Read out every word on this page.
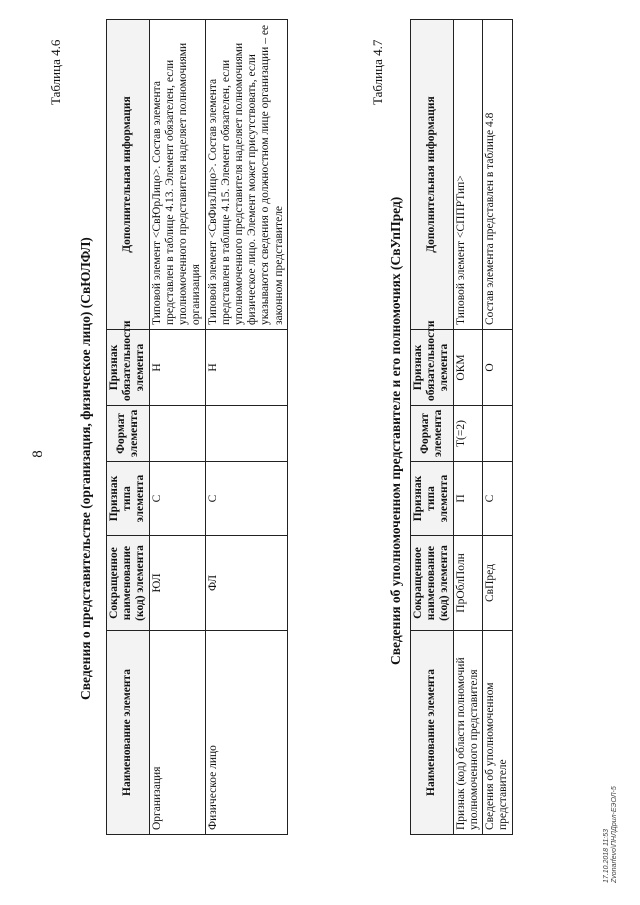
8
Таблица 4.6
Сведения о представительстве (организация, физическое лицо) (СвЮЛФЛ)
Наименование элемента	Сокращенное наименование (код) элемента	Признак типа элемента	Формат элемента	Признак обязательности элемента	Дополнительная информация
Организация	ЮЛ	С		Н	Типовой элемент <СвЮрЛицо>. Состав элемента представлен в таблице 4.13. Элемент обязателен, если уполномоченного представителя наделяет полномочиями организация
Физическое лицо	ФЛ	С		Н	Типовой элемент <СвФизЛицо>. Состав элемента представлен в таблице 4.15. Элемент обязателен, если уполномоченного представителя наделяет полномочиями физическое лицо. Элемент может присутствовать, если указываются сведения о должностном лице организации – ее законном представителе
Таблица 4.7
Сведения об уполномоченном представителе и его полномочиях (СвУпПред)
Наименование элемента	Сокращенное наименование (код) элемента	Признак типа элемента	Формат элемента	Признак обязательности элемента	Дополнительная информация
Признак (код) области полномочий уполномоченного представителя	ПрОблПолн	П	T(=2)	ОКМ	Типовой элемент <СППРТип>
Сведения об уполномоченном представителе	СвПред	С		О	Состав элемента представлен в таблице 4.8
17.10.2018 11:53 Zvonarfevo\ПНЛДрил-ЕЭОЛ-5
